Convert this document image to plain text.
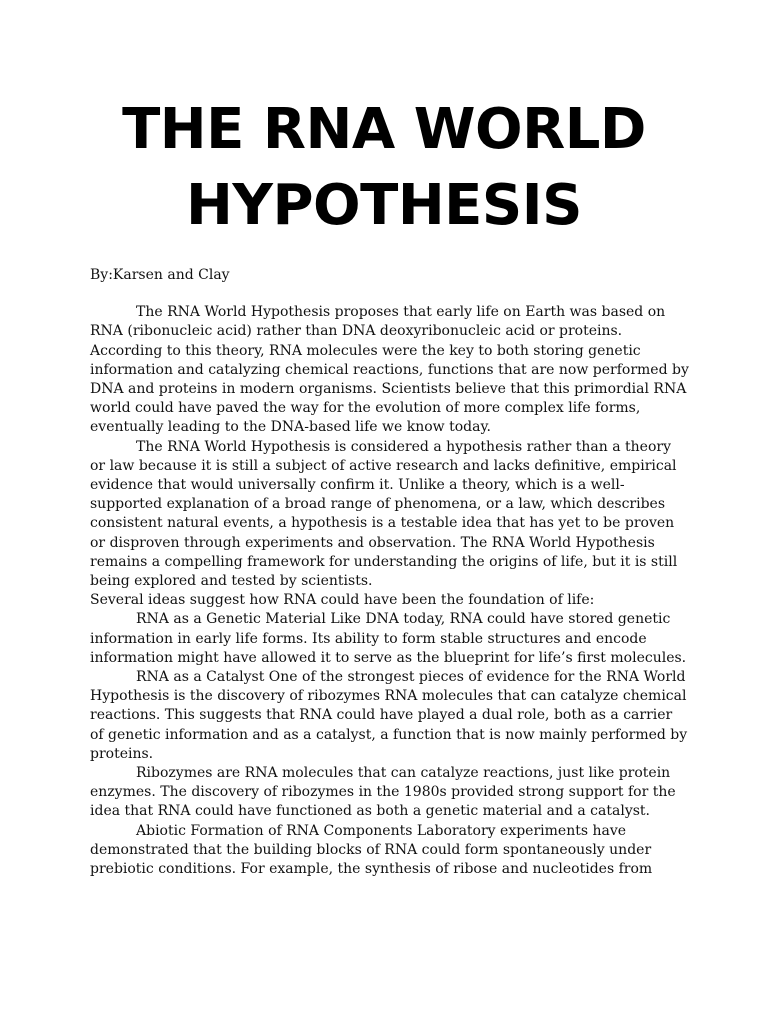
THE RNA WORLD
HYPOTHESIS

By:Karsen and Clay

The RNA World Hypothesis proposes that early life on Earth was based on RNA (ribonucleic acid) rather than DNA deoxyribonucleic acid or proteins. According to this theory, RNA molecules were the key to both storing genetic information and catalyzing chemical reactions, functions that are now performed by DNA and proteins in modern organisms. Scientists believe that this primordial RNA world could have paved the way for the evolution of more complex life forms, eventually leading to the DNA-based life we know today.

The RNA World Hypothesis is considered a hypothesis rather than a theory or law because it is still a subject of active research and lacks definitive, empirical evidence that would universally confirm it. Unlike a theory, which is a well-supported explanation of a broad range of phenomena, or a law, which describes consistent natural events, a hypothesis is a testable idea that has yet to be proven or disproven through experiments and observation. The RNA World Hypothesis remains a compelling framework for understanding the origins of life, but it is still being explored and tested by scientists.

Several ideas suggest how RNA could have been the foundation of life:

RNA as a Genetic Material Like DNA today, RNA could have stored genetic information in early life forms. Its ability to form stable structures and encode information might have allowed it to serve as the blueprint for life’s first molecules.

RNA as a Catalyst One of the strongest pieces of evidence for the RNA World Hypothesis is the discovery of ribozymes RNA molecules that can catalyze chemical reactions. This suggests that RNA could have played a dual role, both as a carrier of genetic information and as a catalyst, a function that is now mainly performed by proteins.

Ribozymes are RNA molecules that can catalyze reactions, just like protein enzymes. The discovery of ribozymes in the 1980s provided strong support for the idea that RNA could have functioned as both a genetic material and a catalyst.

Abiotic Formation of RNA Components Laboratory experiments have demonstrated that the building blocks of RNA could form spontaneously under prebiotic conditions. For example, the synthesis of ribose and nucleotides from
